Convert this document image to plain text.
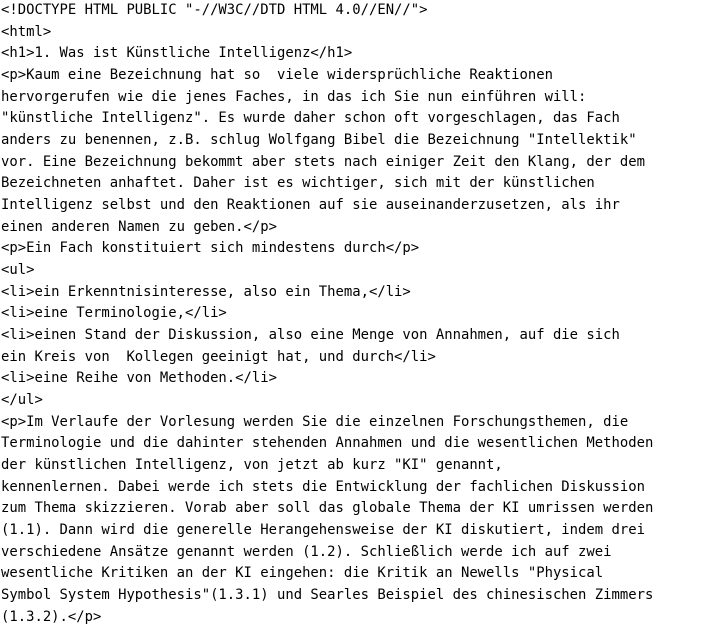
<!DOCTYPE HTML PUBLIC "-//W3C//DTD HTML 4.0//EN//">
<html>
<h1>1. Was ist Künstliche Intelligenz</h1>
<p>Kaum eine Bezeichnung hat so  viele widersprüchliche Reaktionen
hervorgerufen wie die jenes Faches, in das ich Sie nun einführen will:
"künstliche Intelligenz". Es wurde daher schon oft vorgeschlagen, das Fach
anders zu benennen, z.B. schlug Wolfgang Bibel die Bezeichnung "Intellektik"
vor. Eine Bezeichnung bekommt aber stets nach einiger Zeit den Klang, der dem
Bezeichneten anhaftet. Daher ist es wichtiger, sich mit der künstlichen
Intelligenz selbst und den Reaktionen auf sie auseinanderzusetzen, als ihr
einen anderen Namen zu geben.</p>
<p>Ein Fach konstituiert sich mindestens durch</p>
<ul>
<li>ein Erkenntnisinteresse, also ein Thema,</li>
<li>eine Terminologie,</li>
<li>einen Stand der Diskussion, also eine Menge von Annahmen, auf die sich
ein Kreis von  Kollegen geeinigt hat, und durch</li>
<li>eine Reihe von Methoden.</li>
</ul>
<p>Im Verlaufe der Vorlesung werden Sie die einzelnen Forschungsthemen, die
Terminologie und die dahinter stehenden Annahmen und die wesentlichen Methoden
der künstlichen Intelligenz, von jetzt ab kurz "KI" genannt,
kennenlernen. Dabei werde ich stets die Entwicklung der fachlichen Diskussion
zum Thema skizzieren. Vorab aber soll das globale Thema der KI umrissen werden
(1.1). Dann wird die generelle Herangehensweise der KI diskutiert, indem drei
verschiedene Ansätze genannt werden (1.2). Schließlich werde ich auf zwei
wesentliche Kritiken an der KI eingehen: die Kritik an Newells "Physical
Symbol System Hypothesis"(1.3.1) und Searles Beispiel des chinesischen Zimmers
(1.3.2).</p>
